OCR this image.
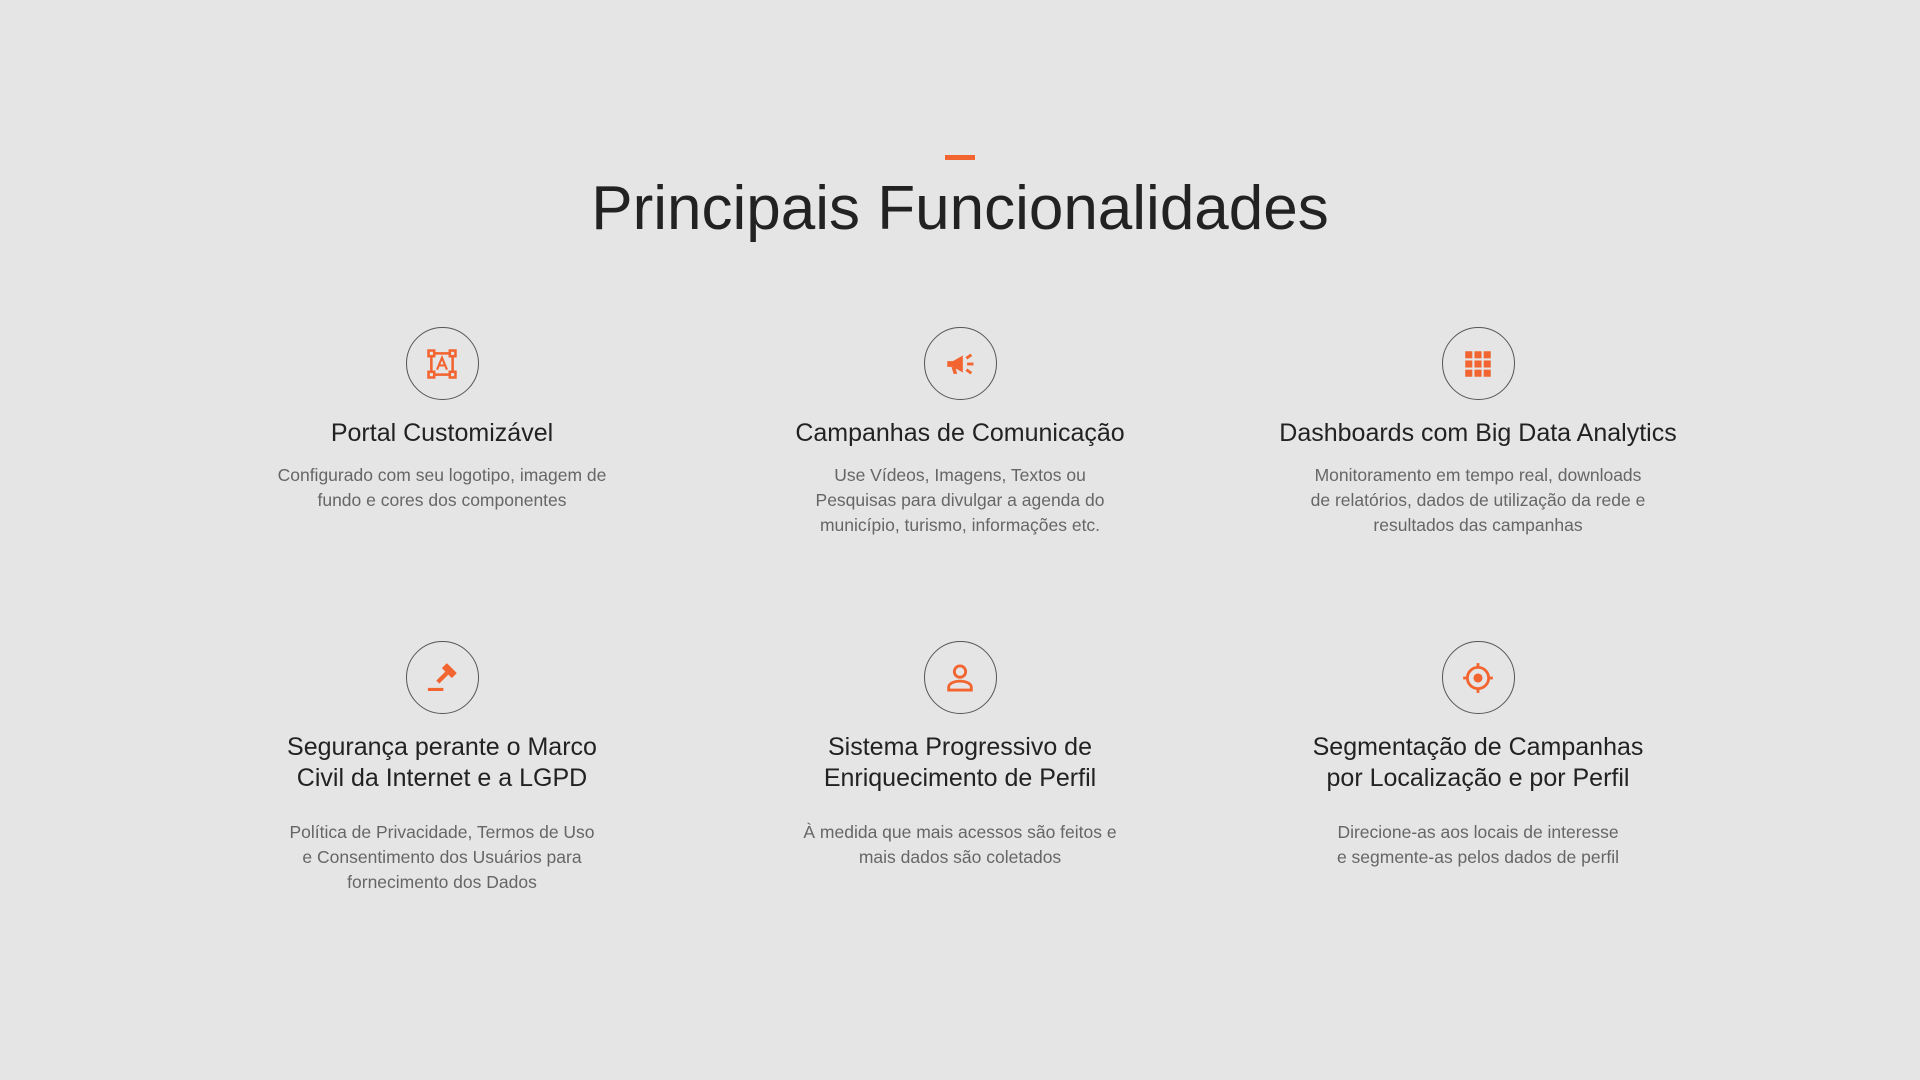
Principais Funcionalidades
Portal Customizável
Configurado com seu logotipo, imagem de
fundo e cores dos componentes
Campanhas de Comunicação
Use Vídeos, Imagens, Textos ou
Pesquisas para divulgar a agenda do
município, turismo, informações etc.
Dashboards com Big Data Analytics
Monitoramento em tempo real, downloads
de relatórios, dados de utilização da rede e
resultados das campanhas
Segurança perante o Marco
Civil da Internet e a LGPD
Política de Privacidade, Termos de Uso
e Consentimento dos Usuários para
fornecimento dos Dados
Sistema Progressivo de
Enriquecimento de Perfil
À medida que mais acessos são feitos e
mais dados são coletados
Segmentação de Campanhas
por Localização e por Perfil
Direcione-as aos locais de interesse
e segmente-as pelos dados de perfil
